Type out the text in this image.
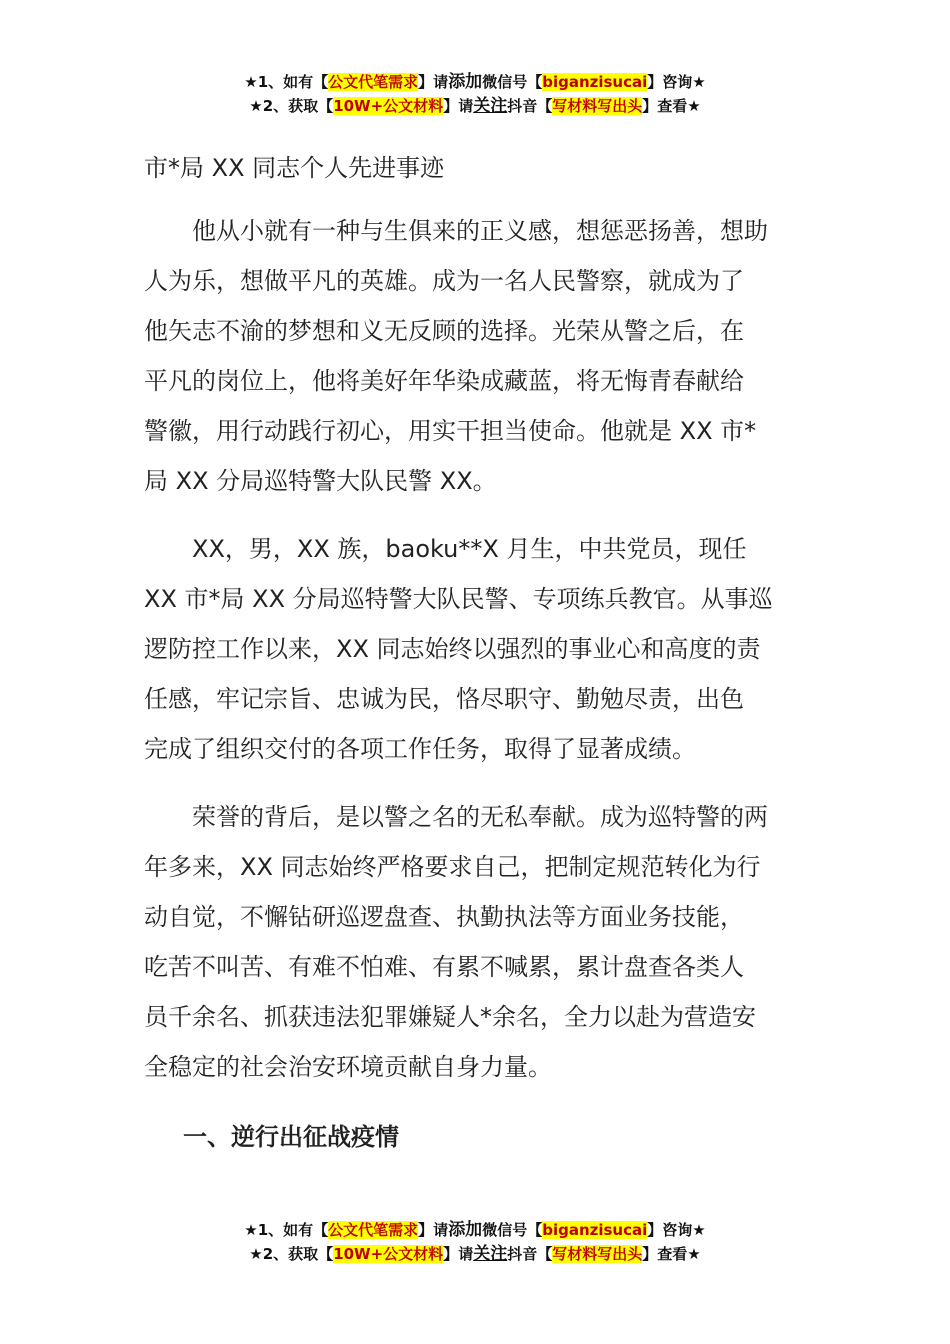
★1、如有【公文代笔需求】请添加微信号【biganzisucai】咨询★
★2、获取【10W+公文材料】请关注抖音【写材料写出头】查看★
市*局 XX 同志个人先进事迹
　　他从小就有一种与生俱来的正义感，想惩恶扬善，想助
人为乐，想做平凡的英雄。成为一名人民警察，就成为了
他矢志不渝的梦想和义无反顾的选择。光荣从警之后，在
平凡的岗位上，他将美好年华染成藏蓝，将无悔青春献给
警徽，用行动践行初心，用实干担当使命。他就是 XX 市*
局 XX 分局巡特警大队民警 XX。
　　XX，男，XX 族，baoku**X 月生，中共党员，现任
XX 市*局 XX 分局巡特警大队民警、专项练兵教官。从事巡
逻防控工作以来，XX 同志始终以强烈的事业心和高度的责
任感，牢记宗旨、忠诚为民，恪尽职守、勤勉尽责，出色
完成了组织交付的各项工作任务，取得了显著成绩。
　　荣誉的背后，是以警之名的无私奉献。成为巡特警的两
年多来，XX 同志始终严格要求自己，把制定规范转化为行
动自觉，不懈钻研巡逻盘查、执勤执法等方面业务技能，
吃苦不叫苦、有难不怕难、有累不喊累，累计盘查各类人
员千余名、抓获违法犯罪嫌疑人*余名，全力以赴为营造安
全稳定的社会治安环境贡献自身力量。
一、逆行出征战疫情
★1、如有【公文代笔需求】请添加微信号【biganzisucai】咨询★
★2、获取【10W+公文材料】请关注抖音【写材料写出头】查看★
